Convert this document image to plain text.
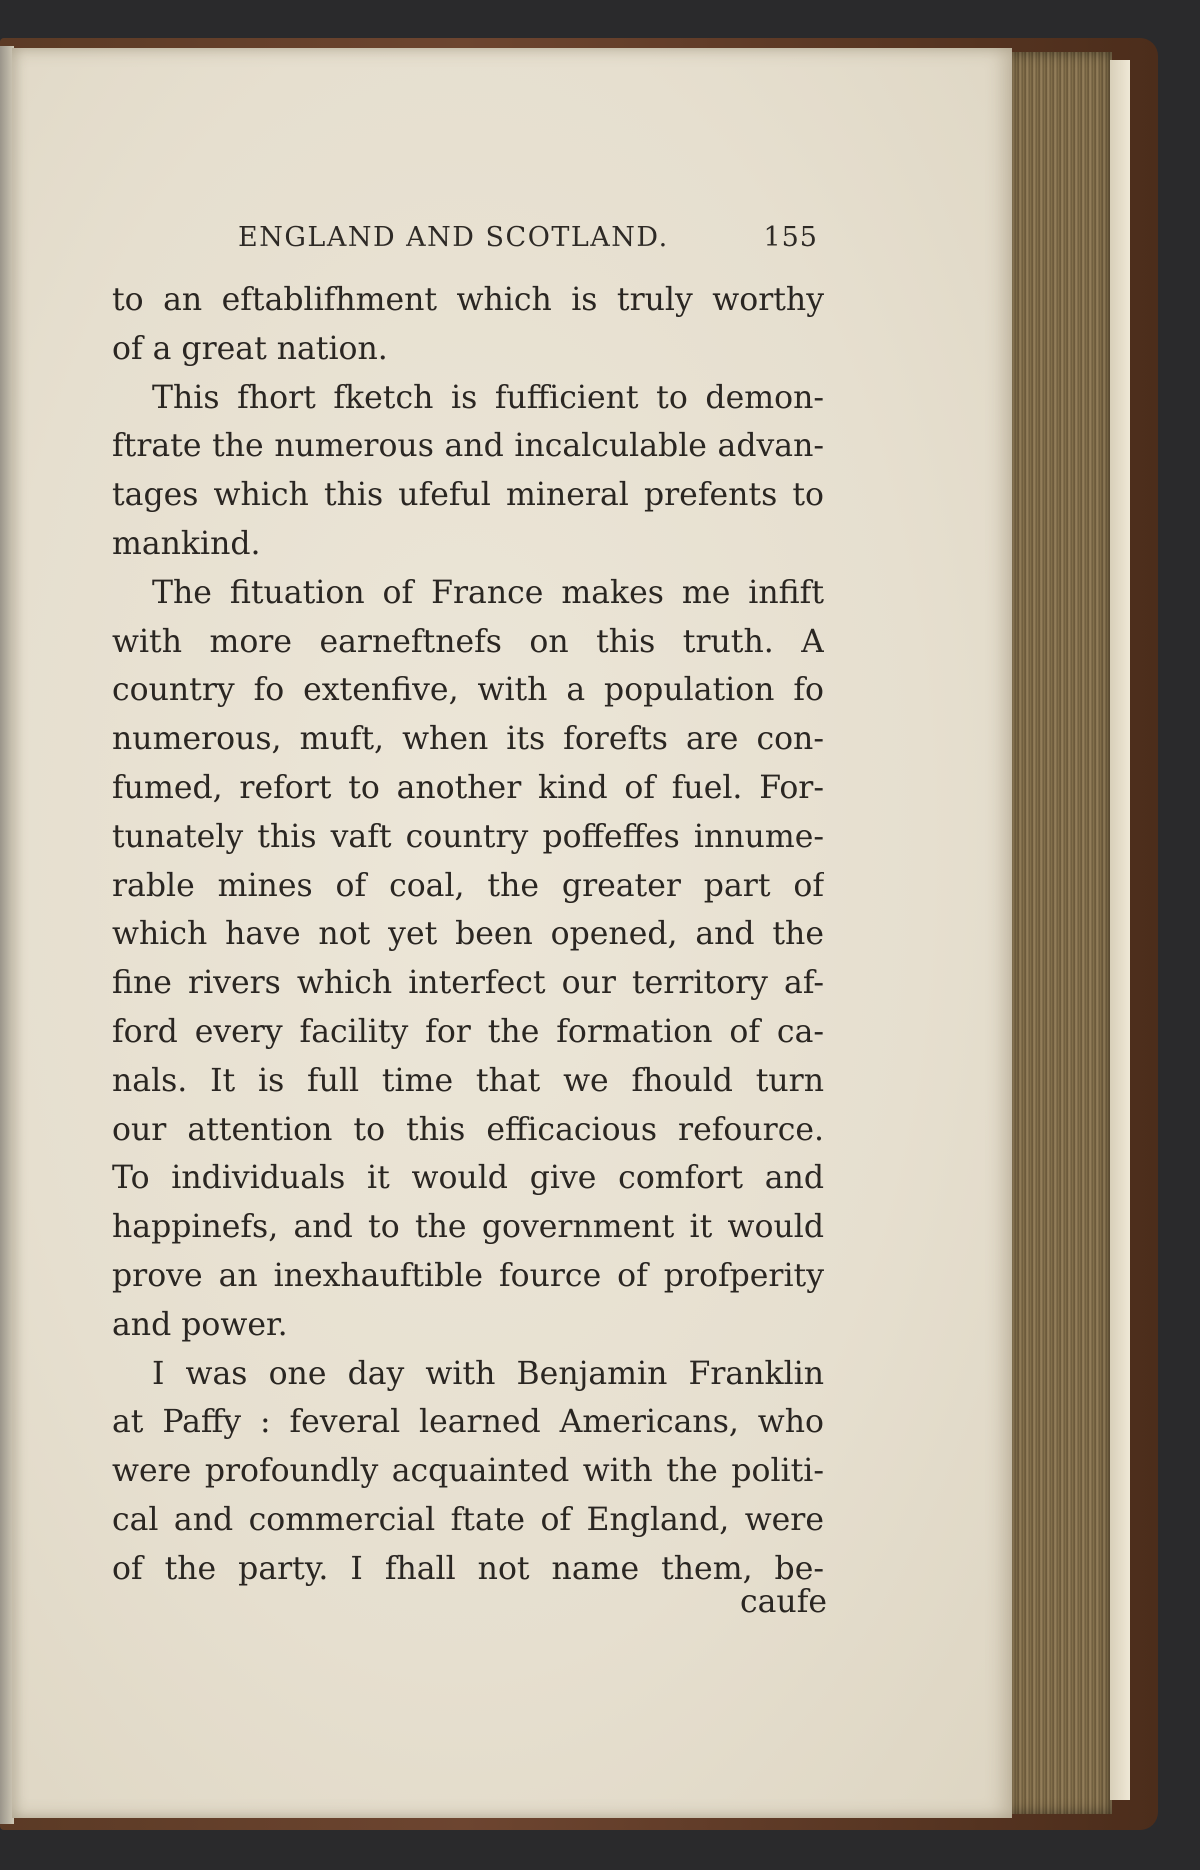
ENGLAND AND SCOTLAND.	155
to an eftablifhment which is truly worthy
of a great nation.
This fhort fketch is fufficient to demon-
ftrate the numerous and incalculable advan-
tages which this ufeful mineral prefents to
mankind.
The fituation of France makes me infift
with more earneftnefs on this truth. A
country fo extenfive, with a population fo
numerous, muft, when its forefts are con-
fumed, refort to another kind of fuel. For-
tunately this vaft country poffeffes innume-
rable mines of coal, the greater part of
which have not yet been opened, and the
fine rivers which interfect our territory af-
ford every facility for the formation of ca-
nals. It is full time that we fhould turn
our attention to this efficacious refource.
To individuals it would give comfort and
happinefs, and to the government it would
prove an inexhauftible fource of profperity
and power.
I was one day with Benjamin Franklin
at Paffy : feveral learned Americans, who
were profoundly acquainted with the politi-
cal and commercial ftate of England, were
of the party. I fhall not name them, be-
caufe
